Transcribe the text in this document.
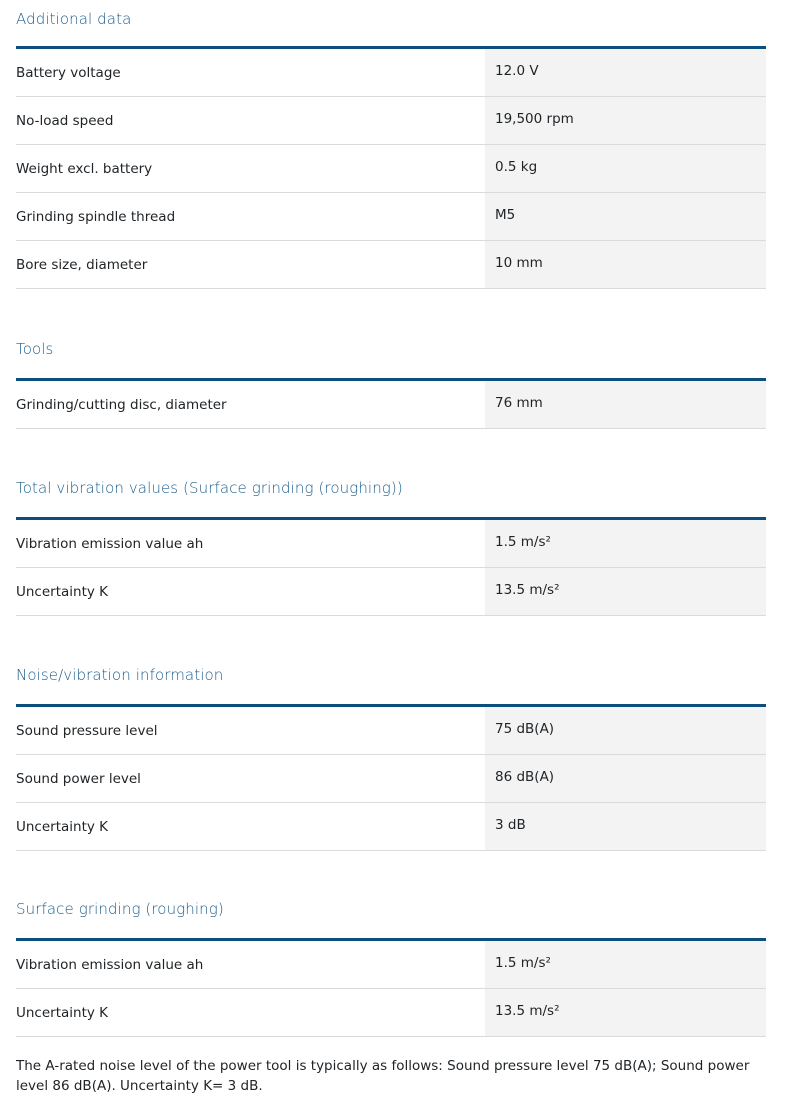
Additional data
Battery voltage	12.0 V
No-load speed	19,500 rpm
Weight excl. battery	0.5 kg
Grinding spindle thread	M5
Bore size, diameter	10 mm
Tools
Grinding/cutting disc, diameter	76 mm
Total vibration values (Surface grinding (roughing))
Vibration emission value ah	1.5 m/s²
Uncertainty K	13.5 m/s²
Noise/vibration information
Sound pressure level	75 dB(A)
Sound power level	86 dB(A)
Uncertainty K	3 dB
Surface grinding (roughing)
Vibration emission value ah	1.5 m/s²
Uncertainty K	13.5 m/s²
The A-rated noise level of the power tool is typically as follows: Sound pressure level 75 dB(A); Sound power level 86 dB(A). Uncertainty K= 3 dB.
